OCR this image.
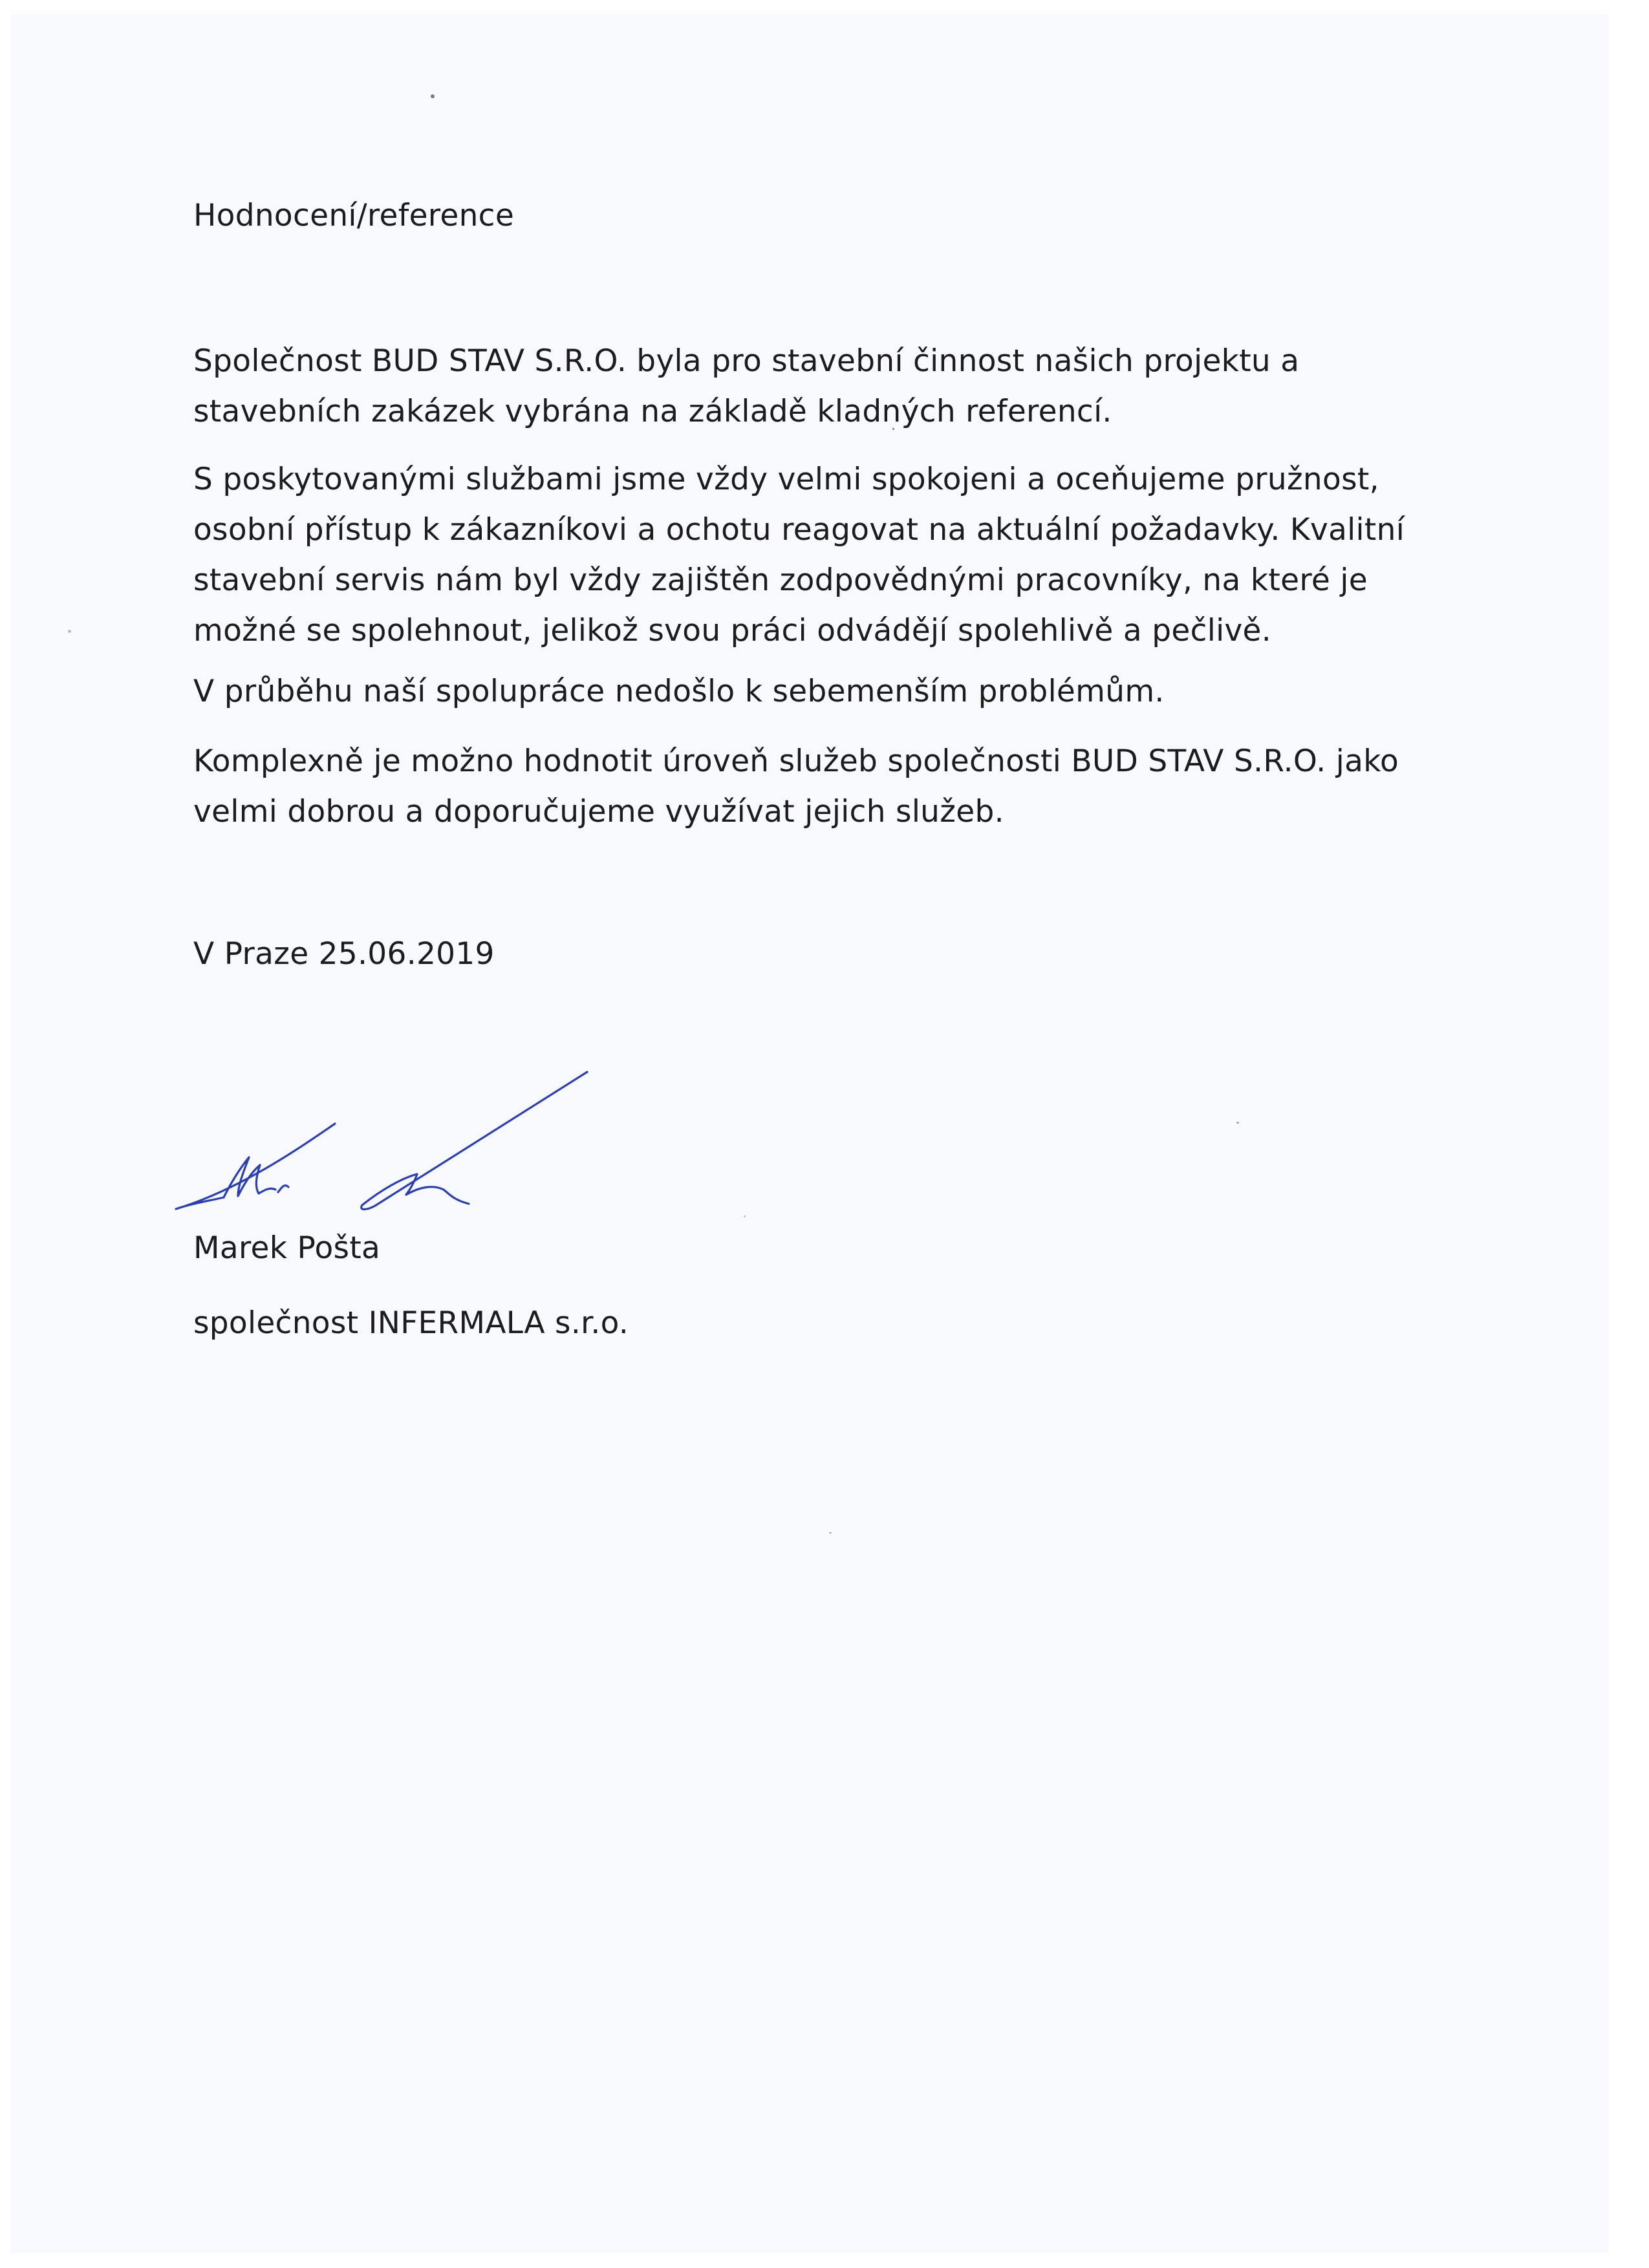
Hodnocení/reference
Společnost BUD STAV S.R.O. byla pro stavební činnost našich projektu a
stavebních zakázek vybrána na základě kladných referencí.
S poskytovanými službami jsme vždy velmi spokojeni a oceňujeme pružnost,
osobní přístup k zákazníkovi a ochotu reagovat na aktuální požadavky. Kvalitní
stavební servis nám byl vždy zajištěn zodpovědnými pracovníky, na které je
možné se spolehnout, jelikož svou práci odvádějí spolehlivě a pečlivě.
V průběhu naší spolupráce nedošlo k sebemenším problémům.
Komplexně je možno hodnotit úroveň služeb společnosti BUD STAV S.R.O. jako
velmi dobrou a doporučujeme využívat jejich služeb.
V Praze 25.06.2019
Marek Pošta
společnost INFERMALA s.r.o.
